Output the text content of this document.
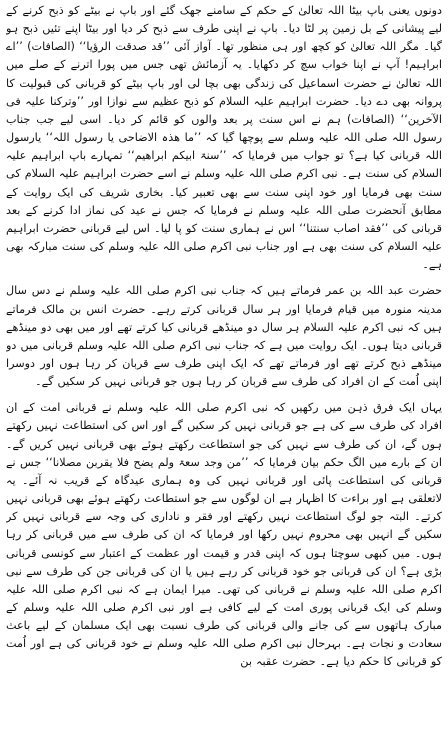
دونوں یعنی باپ بیٹا اللہ تعالیٰ کے حکم کے سامنے جھک گئے اور باپ نے بیٹے کو ذبح کرنے کے لیے پیشانی کے بل زمین پر لٹا دیا۔ باپ نے اپنی طرف سے ذبح کر دیا اور بیٹا اپنے تئیں ذبح ہو گیا۔ مگر اللہ تعالیٰ کو کچھ اور ہی منظور تھا۔ آواز آئی ’’قد صدقت الرؤیا‘‘ (الصافات) ’’اے ابراہیم! آپ نے اپنا خواب سچ کر دکھایا۔ یہ آزمائش تھی جس میں پورا اترنے کے صلے میں اللہ تعالیٰ نے حضرت اسماعیل کی زندگی بھی بچا لی اور باپ بیٹے کو قربانی کی قبولیت کا پروانہ بھی دے دیا۔ حضرت ابراہیم علیہ السلام کو ذبح عظیم سے نوازا اور ’’وترکنا علیہ فی الآخرین‘‘ (الصافات) ہم نے اس سنت پر بعد والوں کو قائم کر دیا۔ اسی لیے جب جناب رسول اللہ صلی اللہ علیہ وسلم سے پوچھا گیا کہ ’’ما ھذہ الاضاحی یا رسول اللہ‘‘ یارسول اللہ قربانی کیا ہے؟ تو جواب میں فرمایا کہ ’’سنۃ ابیکم ابراھیم‘‘ تمہارے باپ ابراہیم علیہ السلام کی سنت ہے۔ نبی اکرم صلی اللہ علیہ وسلم نے اسے حضرت ابراہیم علیہ السلام کی سنت بھی فرمایا اور خود اپنی سنت سے بھی تعبیر کیا۔ بخاری شریف کی ایک روایت کے مطابق آنحضرت صلی اللہ علیہ وسلم نے فرمایا کہ جس نے عید کی نماز ادا کرنے کے بعد قربانی کی ’’فقد اصاب سنتنا‘‘ اس نے ہماری سنت کو پا لیا۔ اس لیے قربانی حضرت ابراہیم علیہ السلام کی سنت بھی ہے اور جناب نبی اکرم صلی اللہ علیہ وسلم کی سنت مبارکہ بھی ہے۔

حضرت عبد اللہ بن عمر فرماتے ہیں کہ جناب نبی اکرم صلی اللہ علیہ وسلم نے دس سال مدینہ منورہ میں قیام فرمایا اور ہر سال قربانی کرتے رہے۔ حضرت انس بن مالک فرماتے ہیں کہ نبی اکرم علیہ السلام ہر سال دو مینڈھے قربانی کیا کرتے تھے اور میں بھی دو مینڈھے قربانی دیتا ہوں۔ ایک روایت میں ہے کہ جناب نبی اکرم صلی اللہ علیہ وسلم قربانی میں دو مینڈھے ذبح کرتے تھے اور فرماتے تھے کہ ایک اپنی طرف سے قربان کر رہا ہوں اور دوسرا اپنی اُمت کے ان افراد کی طرف سے قربان کر رہا ہوں جو قربانی نہیں کر سکیں گے۔

یہاں ایک فرق ذہن میں رکھیں کہ نبی اکرم صلی اللہ علیہ وسلم نے قربانی امت کے ان افراد کی طرف سے کی ہے جو قربانی نہیں کر سکیں گے اور اس کی استطاعت نہیں رکھتے ہوں گے، ان کی طرف سے نہیں کی جو استطاعت رکھتے ہوئے بھی قربانی نہیں کریں گے۔ ان کے بارے میں الگ حکم بیان فرمایا کہ ’’من وجد سعۃ ولم یضح فلا یقربن مصلانا‘‘ جس نے قربانی کی استطاعت پائی اور قربانی نہیں کی وہ ہماری عیدگاہ کے قریب نہ آئے۔ یہ لاتعلقی ہے اور براءت کا اظہار ہے ان لوگوں سے جو استطاعت رکھتے ہوئے بھی قربانی نہیں کرتے۔ البتہ جو لوگ استطاعت نہیں رکھتے اور فقر و ناداری کی وجہ سے قربانی نہیں کر سکیں گے انہیں بھی محروم نہیں رکھا اور فرمایا کہ ان کی طرف سے میں قربانی کر رہا ہوں۔ میں کبھی سوچتا ہوں کہ اپنی قدر و قیمت اور عظمت کے اعتبار سے کونسی قربانی بڑی ہے؟ ان کی قربانی جو خود قربانی کر رہے ہیں یا ان کی قربانی جن کی طرف سے نبی اکرم صلی اللہ علیہ وسلم نے قربانی کی تھی۔ میرا ایمان ہے کہ نبی اکرم صلی اللہ علیہ وسلم کی ایک قربانی پوری امت کے لیے کافی ہے اور نبی اکرم صلی اللہ علیہ وسلم کے مبارک ہاتھوں سے کی جانے والی قربانی کی طرف نسبت بھی ایک مسلمان کے لیے باعث سعادت و نجات ہے۔ بہرحال نبی اکرم صلی اللہ علیہ وسلم نے خود قربانی کی ہے اور اُمت کو قربانی کا حکم دیا ہے۔ حضرت عقبہ بن
